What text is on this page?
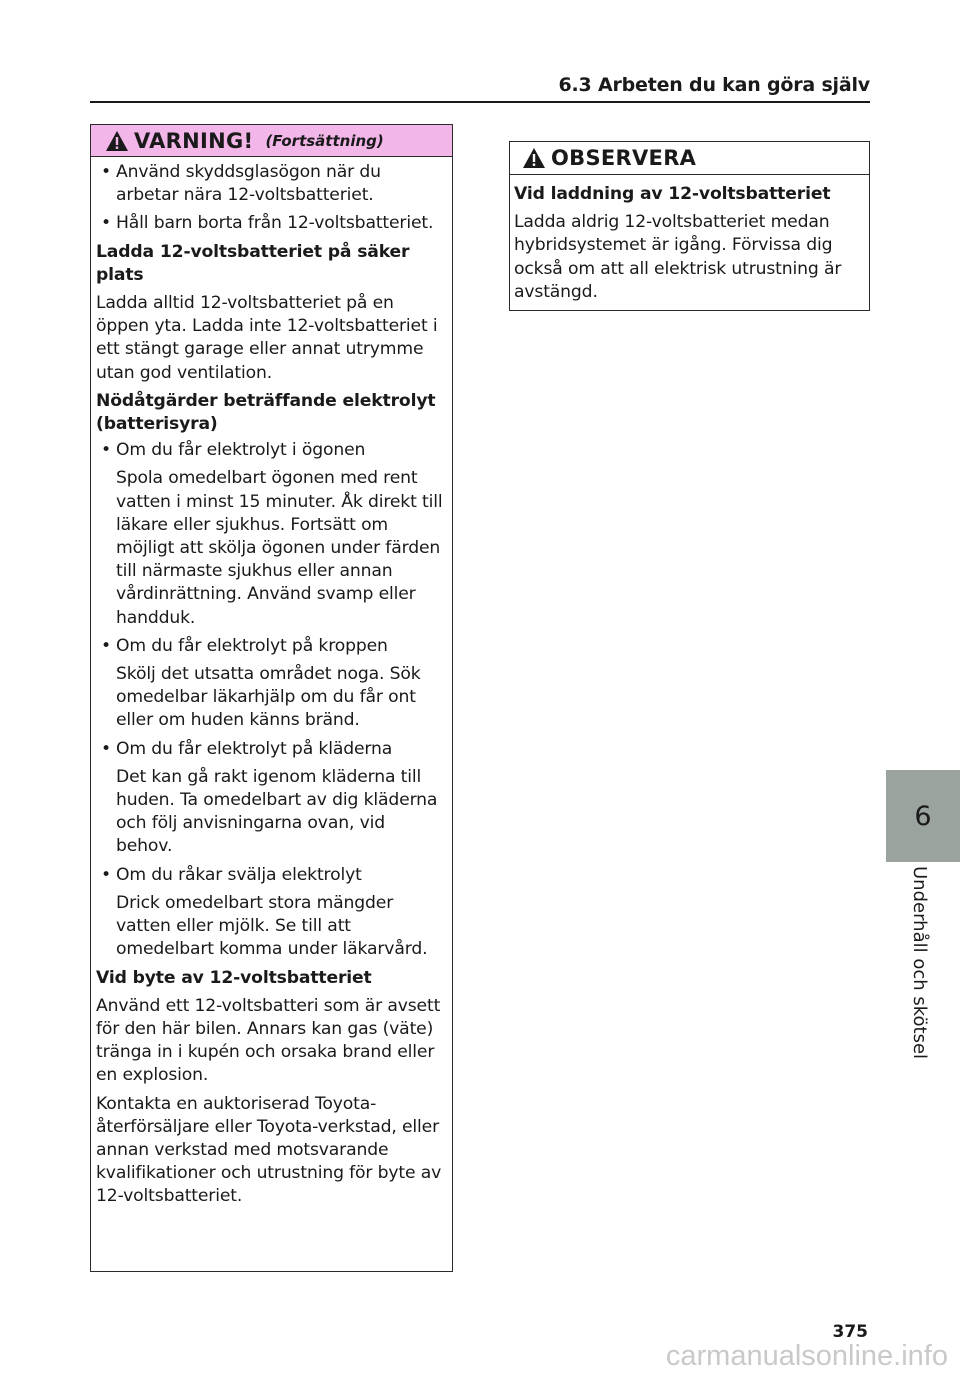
6.3 Arbeten du kan göra själv
VARNING! (Fortsättning)
• Använd skyddsglasögon när du arbetar nära 12-voltsbatteriet.
• Håll barn borta från 12-voltsbatteriet.
Ladda 12-voltsbatteriet på säker plats

Ladda alltid 12-voltsbatteriet på en öppen yta. Ladda inte 12-voltsbatteriet i ett stängt garage eller annat utrymme utan god ventilation.

Nödåtgärder beträffande elektrolyt (batterisyra)
• Om du får elektrolyt i ögonen
Spola omedelbart ögonen med rent vatten i minst 15 minuter. Åk direkt till läkare eller sjukhus. Fortsätt om möjligt att skölja ögonen under färden till närmaste sjukhus eller annan vårdinrättning. Använd svamp eller handduk.
• Om du får elektrolyt på kroppen
Skölj det utsatta området noga. Sök omedelbar läkarhjälp om du får ont eller om huden känns bränd.
• Om du får elektrolyt på kläderna
Det kan gå rakt igenom kläderna till huden. Ta omedelbart av dig kläderna och följ anvisningarna ovan, vid behov.
• Om du råkar svälja elektrolyt
Drick omedelbart stora mängder vatten eller mjölk. Se till att omedelbart komma under läkarvård.
Vid byte av 12-voltsbatteriet

Använd ett 12-voltsbatteri som är avsett för den här bilen. Annars kan gas (väte) tränga in i kupén och orsaka brand eller en explosion.

Kontakta en auktoriserad Toyota-återförsäljare eller Toyota-verkstad, eller annan verkstad med motsvarande kvalifikationer och utrustning för byte av 12-voltsbatteriet.

OBSERVERA
Vid laddning av 12-voltsbatteriet

Ladda aldrig 12-voltsbatteriet medan hybridsystemet är igång. Förvissa dig också om att all elektrisk utrustning är avstängd.

6
Underhåll och skötsel
375
carmanualsonline.info
